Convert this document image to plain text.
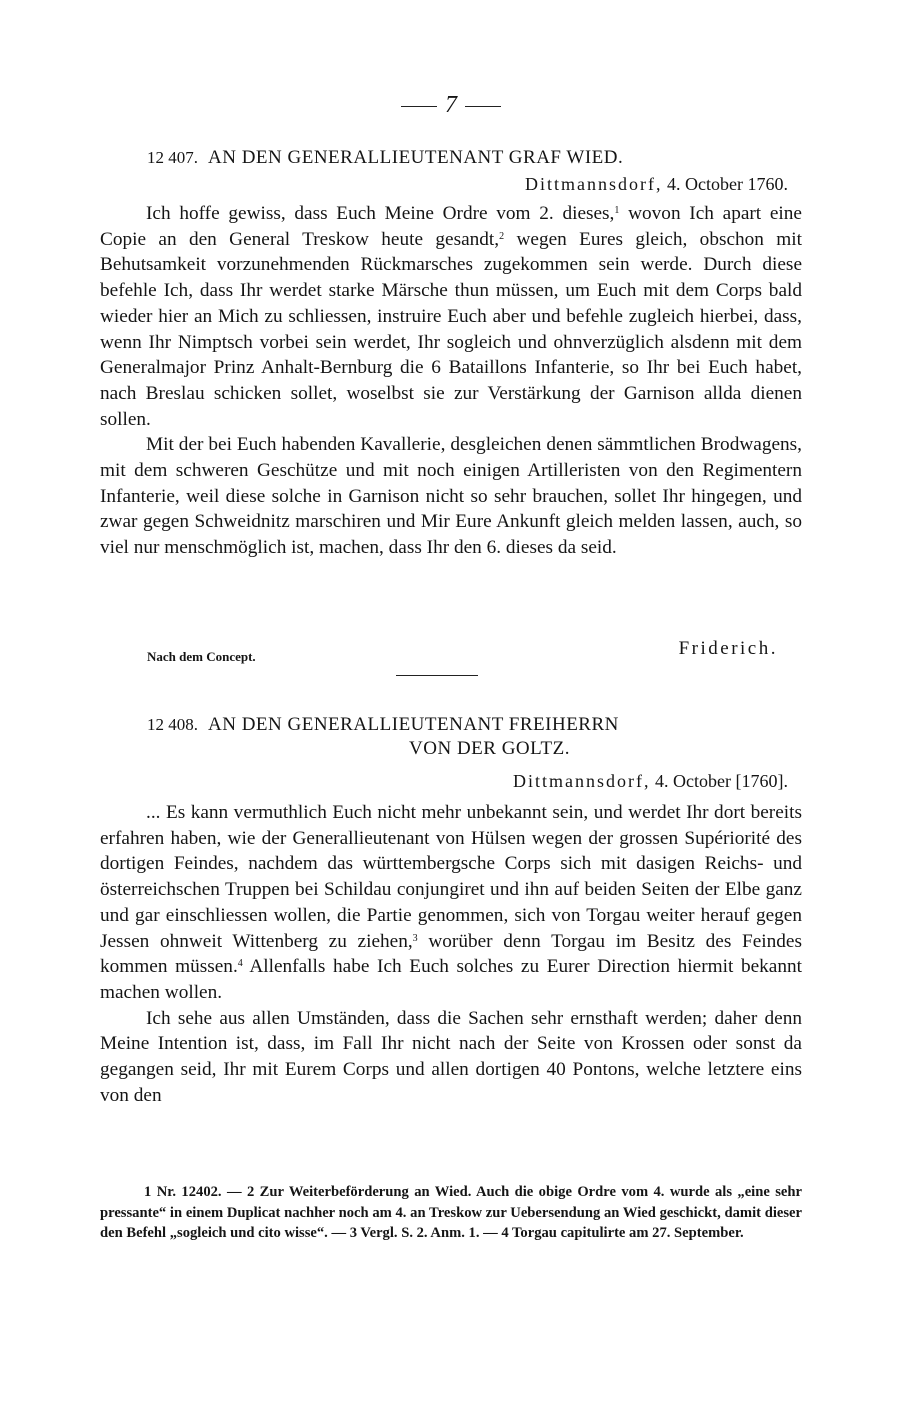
7
12 407. AN DEN GENERALLIEUTENANT GRAF WIED.
Dittmannsdorf, 4. October 1760.

Ich hoffe gewiss, dass Euch Meine Ordre vom 2. dieses,$^1$ wovon Ich apart eine Copie an den General Treskow heute gesandt,$^2$ wegen Eures gleich, obschon mit Behutsamkeit vorzunehmenden Rückmarsches zugekommen sein werde. Durch diese befehle Ich, dass Ihr werdet starke Märsche thun müssen, um Euch mit dem Corps bald wieder hier an Mich zu schliessen, instruire Euch aber und befehle zugleich hierbei, dass, wenn Ihr Nimptsch vorbei sein werdet, Ihr sogleich und ohnverzüglich alsdenn mit dem Generalmajor Prinz Anhalt-Bernburg die 6 Bataillons Infanterie, so Ihr bei Euch habet, nach Breslau schicken sollet, woselbst sie zur Verstärkung der Garnison allda dienen sollen.

Mit der bei Euch habenden Kavallerie, desgleichen denen sämmtlichen Brodwagens, mit dem schweren Geschütze und mit noch einigen Artilleristen von den Regimentern Infanterie, weil diese solche in Garnison nicht so sehr brauchen, sollet Ihr hingegen, und zwar gegen Schweidnitz marschiren und Mir Eure Ankunft gleich melden lassen, auch, so viel nur menschmöglich ist, machen, dass Ihr den 6. dieses da seid.

Nach dem Concept.	Friderich.
12 408. AN DEN GENERALLIEUTENANT FREIHERRN
VON DER GOLTZ.
Dittmannsdorf, 4. October [1760].

... Es kann vermuthlich Euch nicht mehr unbekannt sein, und werdet Ihr dort bereits erfahren haben, wie der Generallieutenant von Hülsen wegen der grossen Supériorité des dortigen Feindes, nachdem das württembergsche Corps sich mit dasigen Reichs- und österreichschen Truppen bei Schildau conjungiret und ihn auf beiden Seiten der Elbe ganz und gar einschliessen wollen, die Partie genommen, sich von Torgau weiter herauf gegen Jessen ohnweit Wittenberg zu ziehen,$^3$ worüber denn Torgau im Besitz des Feindes kommen müssen.$^4$ Allenfalls habe Ich Euch solches zu Eurer Direction hiermit bekannt machen wollen.

Ich sehe aus allen Umständen, dass die Sachen sehr ernsthaft werden; daher denn Meine Intention ist, dass, im Fall Ihr nicht nach der Seite von Krossen oder sonst da gegangen seid, Ihr mit Eurem Corps und allen dortigen 40 Pontons, welche letztere eins von den

1 Nr. 12402. — 2 Zur Weiterbeförderung an Wied. Auch die obige Ordre vom 4. wurde als „eine sehr pressante“ in einem Duplicat nachher noch am 4. an Treskow zur Uebersendung an Wied geschickt, damit dieser den Befehl „sogleich und cito wisse“. — 3 Vergl. S. 2. Anm. 1. — 4 Torgau capitulirte am 27. September.
